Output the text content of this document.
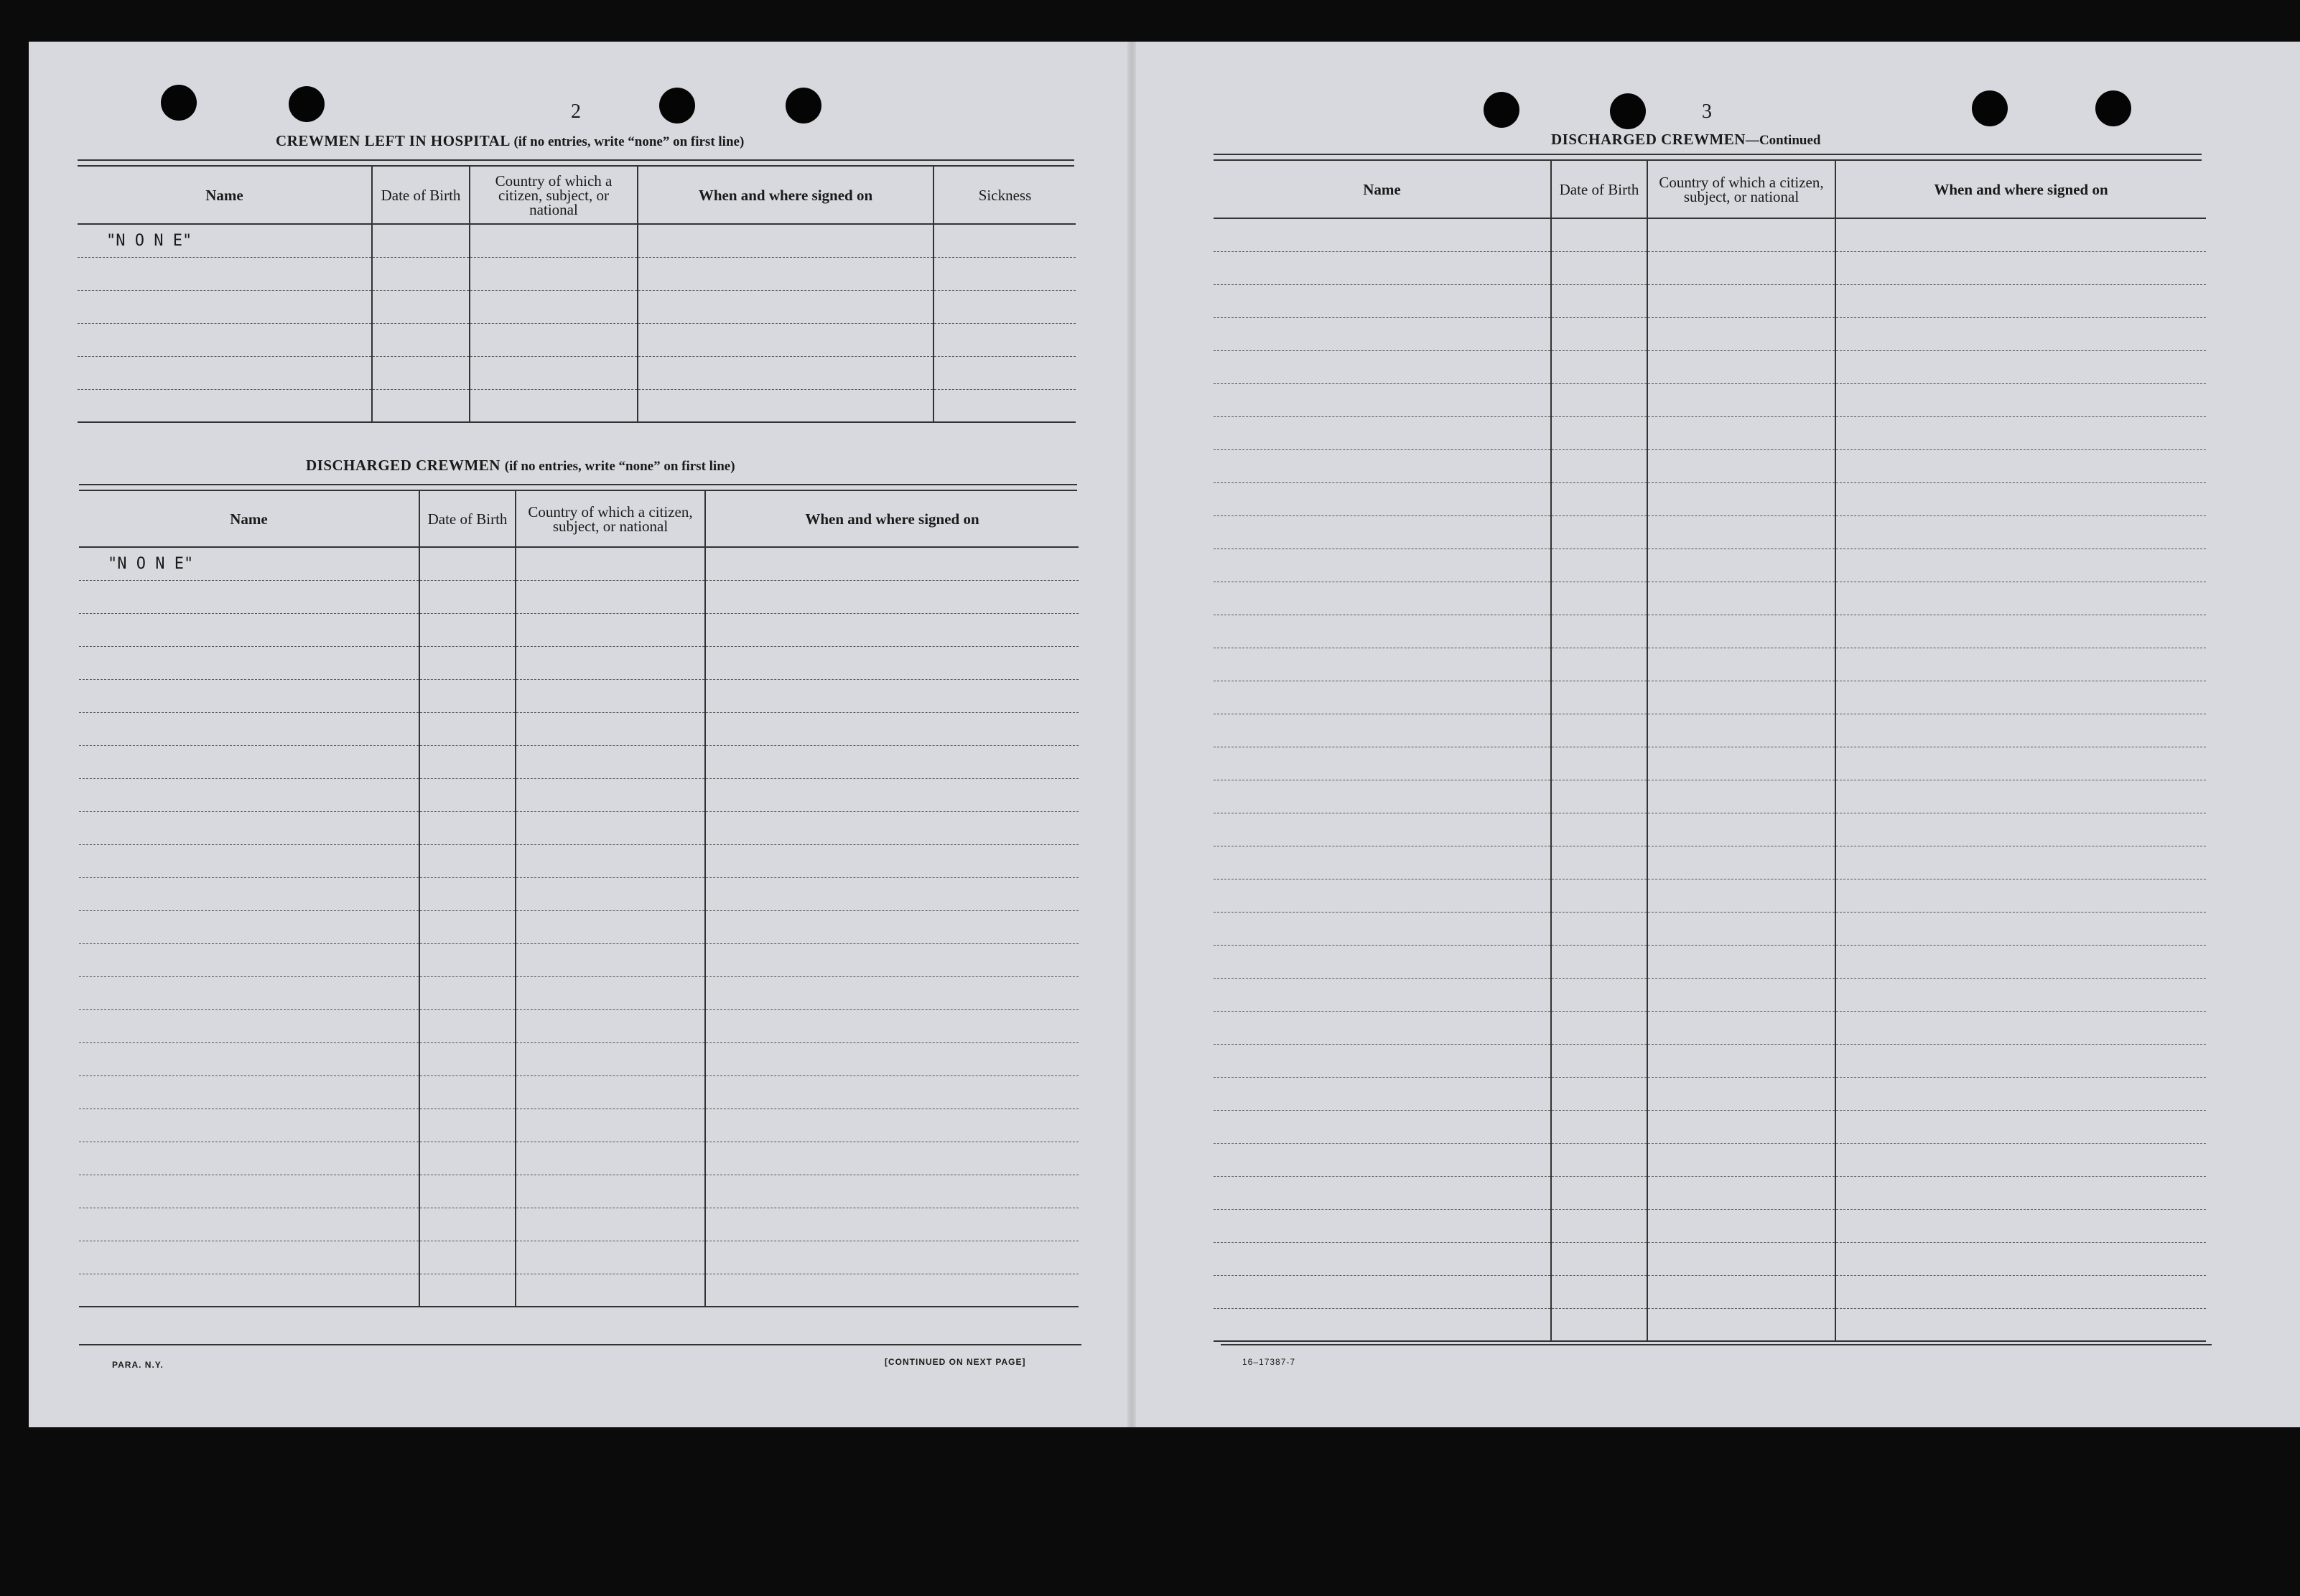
2
CREWMEN LEFT IN HOSPITAL (if no entries, write “none” on first line)
Name	Date of Birth	Country of which a citizen, subject, or national	When and where signed on	Sickness
"N O N E"				

DISCHARGED CREWMEN (if no entries, write “none” on first line)
Name	Date of Birth	Country of which a citizen, subject, or national	When and where signed on
"N O N E"			

PARA. N.Y.	[CONTINUED ON NEXT PAGE]
3
DISCHARGED CREWMEN—Continued
Name	Date of Birth	Country of which a citizen, subject, or national	When and where signed on

16–17387-7
